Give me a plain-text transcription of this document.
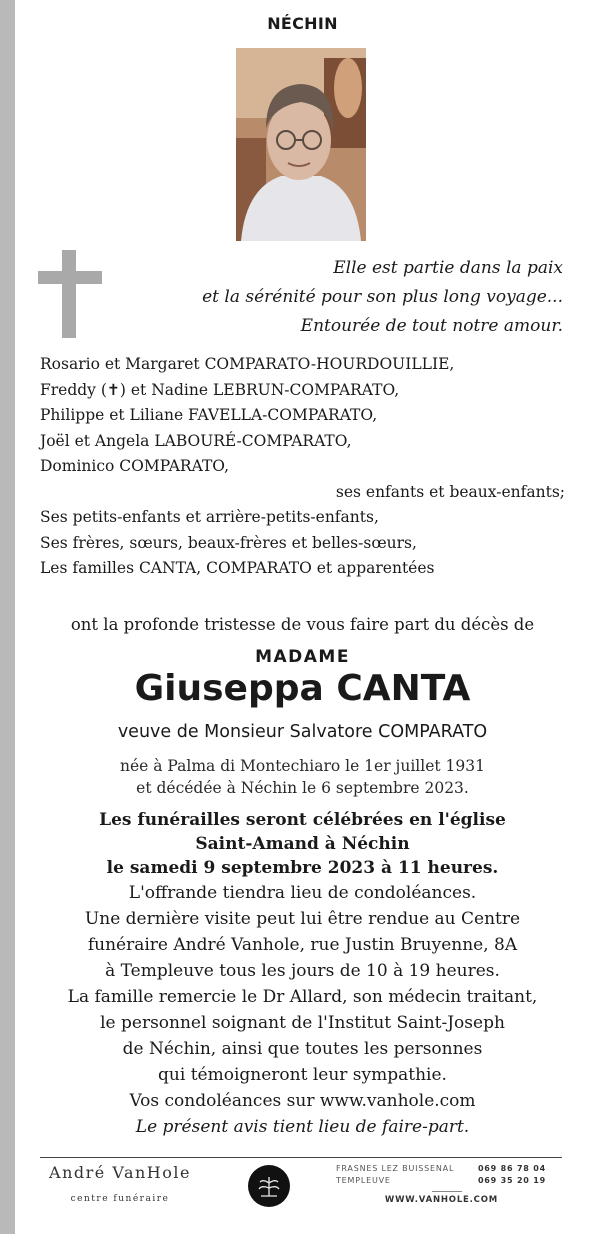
NÉCHIN
Elle est partie dans la paix
et la sérénité pour son plus long voyage...
Entourée de tout notre amour.
Rosario et Margaret COMPARATO-HOURDOUILLIE,
Freddy (✝) et Nadine LEBRUN-COMPARATO,
Philippe et Liliane FAVELLA-COMPARATO,
Joël et Angela LABOURÉ-COMPARATO,
Dominico COMPARATO,
ses enfants et beaux-enfants;
Ses petits-enfants et arrière-petits-enfants,
Ses frères, sœurs, beaux-frères et belles-sœurs,
Les familles CANTA, COMPARATO et apparentées
ont la profonde tristesse de vous faire part du décès de
MADAME
Giuseppa CANTA
veuve de Monsieur Salvatore COMPARATO
née à Palma di Montechiaro le 1er juillet 1931
et décédée à Néchin le 6 septembre 2023.
Les funérailles seront célébrées en l'église
Saint-Amand à Néchin
le samedi 9 septembre 2023 à 11 heures.
L'offrande tiendra lieu de condoléances.
Une dernière visite peut lui être rendue au Centre
funéraire André Vanhole, rue Justin Bruyenne, 8A
à Templeuve tous les jours de 10 à 19 heures.
La famille remercie le Dr Allard, son médecin traitant,
le personnel soignant de l'Institut Saint-Joseph
de Néchin, ainsi que toutes les personnes
qui témoigneront leur sympathie.
Vos condoléances sur www.vanhole.com
Le présent avis tient lieu de faire-part.
André VanHole
centre funéraire
FRASNES LEZ BUISSENAL	069 86 78 04
TEMPLEUVE	069 35 20 19
WWW.VANHOLE.COM
